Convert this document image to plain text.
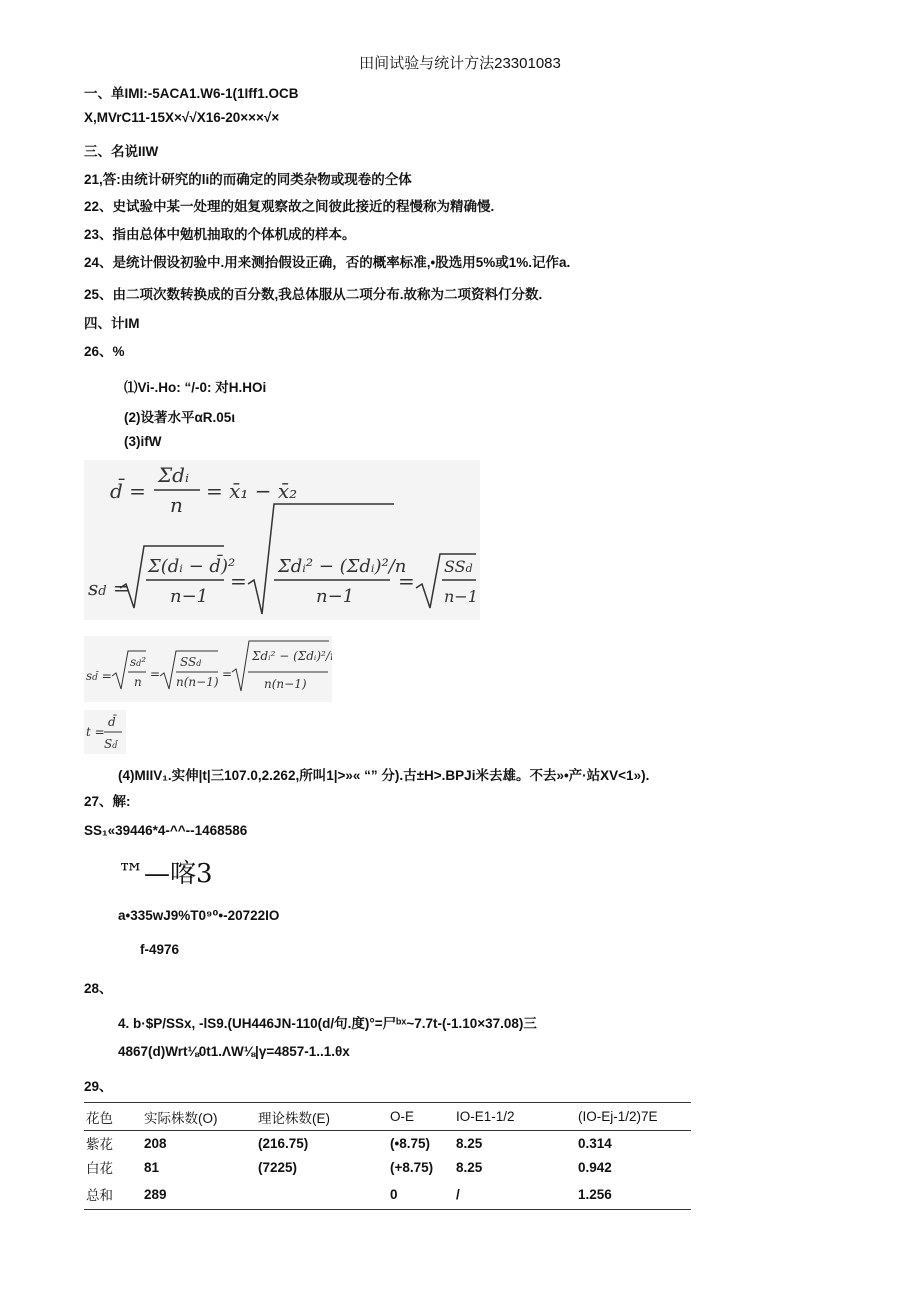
田间试验与统计方法23301083
一、单IMI:-5ACA1.W6-1(1Iff1.OCB
X,MVrC11-15X×√√X16-20×××√×
三、名说IIW
21,答:由统计研究的li的而确定的同类杂物或现卷的仝体
22、史试验中某一处理的姐复观察故之间彼此接近的程慢称为精确慢.
23、指由总体中勉机抽取的个体机成的样本。
24、是统计假设初验中.用来测抬假设正确，否的概率标准,•股选用5%或1%.记作a.
25、由二项次数转换成的百分数,我总体服从二项分布.故称为二项资料仃分数.
四、计IM
26、%
⑴Vi-.Ho: “/-0: 对H.HOi
(2)设著水平αR.05ι
(3)ifW
d̄ =
Σdᵢ
n
= x̄₁ − x̄₂
sd =
Σ(dᵢ − d̄)²
n−1
=
Σdᵢ² − (Σdᵢ)²/n
n−1
=
SSd
n−1
sd̄ =
sd²
n
=
SSd
n(n−1)
=
Σdᵢ² − (Σdᵢ)²/n
n(n−1)
t =
d̄
Sd̄
(4)MIIV₁.实伸|t|三107.0,2.262,所叫1|>»« “” 分).古±H>.BPJi米去雄。不去»•产·站XV<1»).
27、解:
SS₁«39446*4-^^--1468586
™—喀3
a•335wJ9%T0⁹⁰•-20722IO
f-4976
28、
4. b·$P/SSx, -lS9.(UH446JN-110(d/句.度)°=尸ᵇˣ~7.7t-(-1.10×37.08)三
4867(d)Wrt⅛0t1.ΛW⅛|γ=4857-1..1.θx
29、
花色	实际株数(O)	理论株数(E)	O-E	IO-E1-1/2	(IO-Ej-1/2)7E
紫花	208	(216.75)	(•8.75)	8.25	0.314
白花	81	(7225)	(+8.75)	8.25	0.942
总和	289		0	/	1.256
